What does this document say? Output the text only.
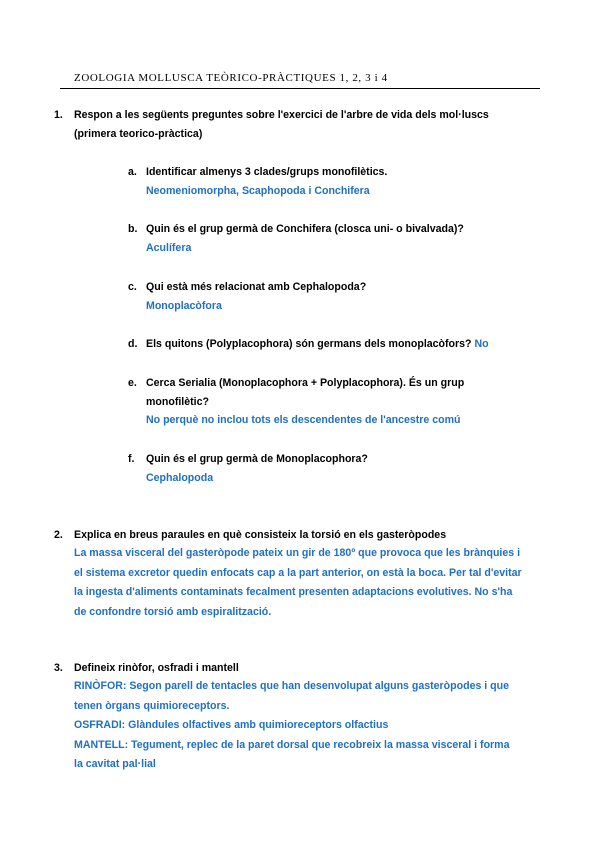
ZOOLOGIA MOLLUSCA TEÒRICO-PRÀCTIQUES 1, 2, 3 i 4
1. Respon a les següents preguntes sobre l'exercici de l'arbre de vida dels mol·luscs
(primera teorico-pràctica)
a. Identificar almenys 3 clades/grups monofilètics.
Neomeniomorpha, Scaphopoda i Conchifera
b. Quin és el grup germà de Conchifera (closca uni- o bivalvada)?
Aculífera
c. Qui està més relacionat amb Cephalopoda?
Monoplacòfora
d. Els quitons (Polyplacophora) són germans dels monoplacòfors? No
e. Cerca Serialia (Monoplacophora + Polyplacophora). És un grup
monofilètic?
No perquè no inclou tots els descendentes de l'ancestre comú
f. Quin és el grup germà de Monoplacophora?
Cephalopoda
2. Explica en breus paraules en què consisteix la torsió en els gasteròpodes
La massa visceral del gasteròpode pateix un gir de 180º que provoca que les brànquies i
el sistema excretor quedin enfocats cap a la part anterior, on està la boca. Per tal d'evitar
la ingesta d'aliments contaminats fecalment presenten adaptacions evolutives. No s'ha
de confondre torsió amb espiralització.
3. Defineix rinòfor, osfradi i mantell
RINÒFOR: Segon parell de tentacles que han desenvolupat alguns gasteròpodes i que
tenen òrgans quimioreceptors.
OSFRADI: Glàndules olfactives amb quimioreceptors olfactius
MANTELL: Tegument, replec de la paret dorsal que recobreix la massa visceral i forma
la cavitat pal·lial
